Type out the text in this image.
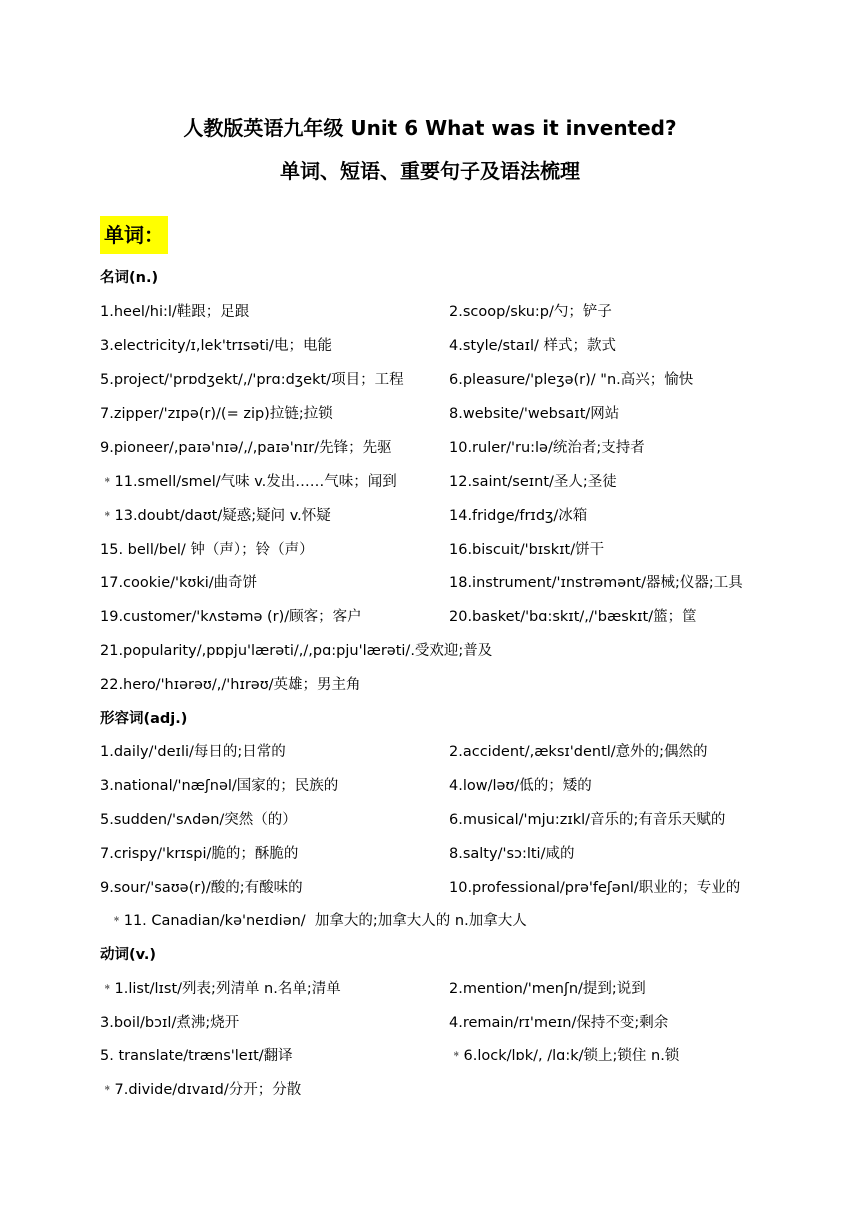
人教版英语九年级 Unit 6 What was it invented?
单词、短语、重要句子及语法梳理
单词：
名词(n.)
1.heel/hi:l/鞋跟；足跟	2.scoop/sku:p/勺；铲子
3.electricity/ɪ,lek'trɪsəti/电；电能	4.style/staɪl/ 样式；款式
5.project/'prɒdʒekt/,/'prɑ:dʒekt/项目；工程	6.pleasure/'pleʒə(r)/ "n.高兴；愉快
7.zipper/'zɪpə(r)/(= zip)拉链;拉锁	8.website/'websaɪt/网站
9.pioneer/,paɪə'nɪə/,/,paɪə'nɪr/先锋；先驱	10.ruler/'ru:lə/统治者;支持者
﹡11.smell/smel/气味 v.发出……气味；闻到	12.saint/seɪnt/圣人;圣徒
﹡13.doubt/daʊt/疑惑;疑问 v.怀疑	14.fridge/frɪdʒ/冰箱
15. bell/bel/ 钟（声）；铃（声）	16.biscuit/'bɪskɪt/饼干
17.cookie/'kʊki/曲奇饼	18.instrument/'ɪnstrəmənt/器械;仪器;工具
19.customer/'kʌstəmə (r)/顾客；客户	20.basket/'bɑ:skɪt/,/'bæskɪt/篮；筐
21.popularity/,pɒpju'lærəti/,/,pɑ:pju'lærəti/.受欢迎;普及
22.hero/'hɪərəʊ/,/'hɪrəʊ/英雄；男主角
形容词(adj.)
1.daily/'deɪli/每日的;日常的	2.accident/,æksɪ'dentl/意外的;偶然的
3.national/'næʃnəl/国家的；民族的	4.low/ləʊ/低的；矮的
5.sudden/'sʌdən/突然（的）	6.musical/'mju:zɪkl/音乐的;有音乐天赋的
7.crispy/'krɪspi/脆的；酥脆的	8.salty/'sɔ:lti/咸的
9.sour/'saʊə(r)/酸的;有酸味的	10.professional/prə'feʃənl/职业的；专业的

﹡11. Canadian/kə'neɪdiən/  加拿大的;加拿大人的 n.加拿大人

动词(v.)
﹡1.list/lɪst/列表;列清单 n.名单;清单	2.mention/'menʃn/提到;说到
3.boil/bɔɪl/煮沸;烧开	4.remain/rɪ'meɪn/保持不变;剩余
5. translate/træns'leɪt/翻译	﹡6.lock/lɒk/, /lɑ:k/锁上;锁住 n.锁
﹡7.divide/dɪvaɪd/分开；分散
